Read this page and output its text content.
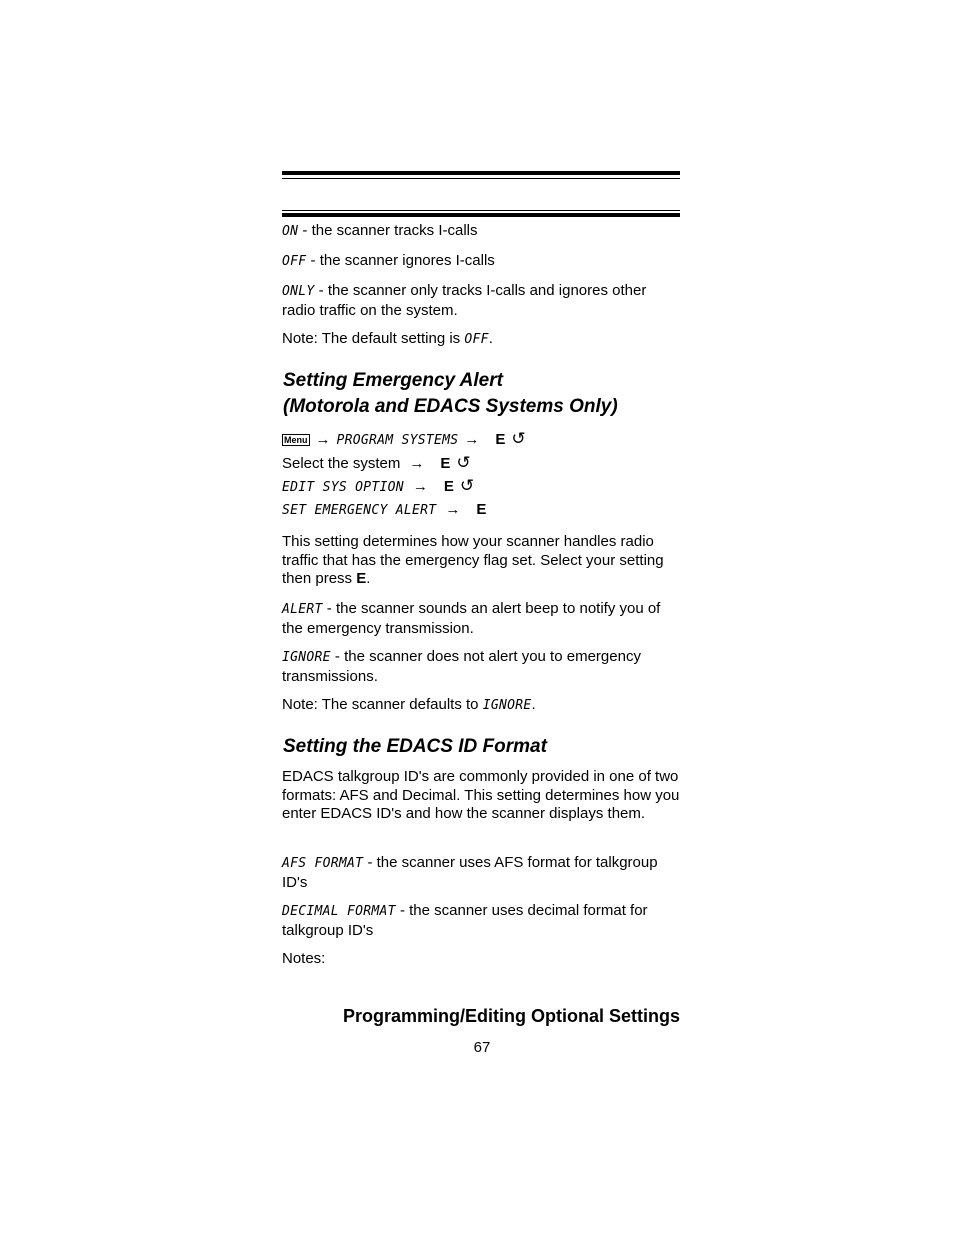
ON - the scanner tracks I-calls
OFF - the scanner ignores I-calls
ONLY - the scanner only tracks I-calls and ignores other radio traffic on the system.
Note: The default setting is OFF.
Setting Emergency Alert
(Motorola and EDACS Systems Only)
Menu → PROGRAM SYSTEMS → E ↺
Select the system → E ↺
EDIT SYS OPTION → E ↺
SET EMERGENCY ALERT → E
This setting determines how your scanner handles radio traffic that has the emergency flag set. Select your setting then press E.
ALERT - the scanner sounds an alert beep to notify you of the emergency transmission.
IGNORE - the scanner does not alert you to emergency transmissions.
Note: The scanner defaults to IGNORE.
Setting the EDACS ID Format
EDACS talkgroup ID's are commonly provided in one of two formats: AFS and Decimal. This setting determines how you enter EDACS ID's and how the scanner displays them.
AFS FORMAT - the scanner uses AFS format for talkgroup ID's
DECIMAL FORMAT - the scanner uses decimal format for talkgroup ID's
Notes:
Programming/Editing Optional Settings
67
